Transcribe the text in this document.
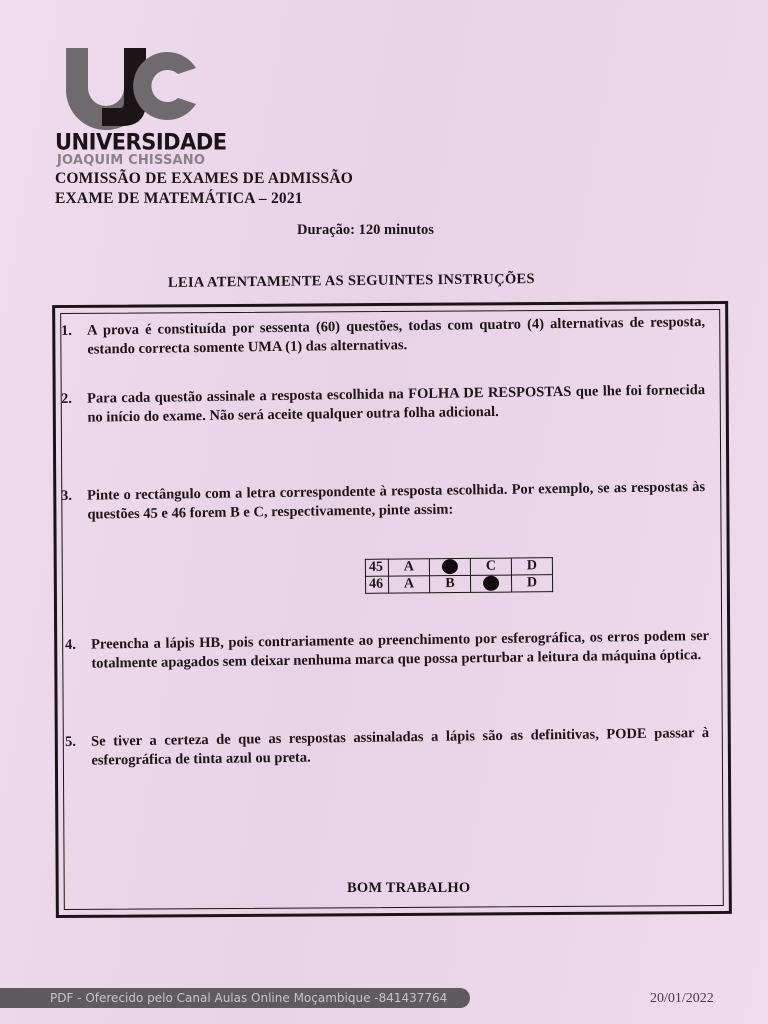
UNIVERSIDADE
JOAQUIM CHISSANO
COMISSÃO DE EXAMES DE ADMISSÃO
EXAME DE MATEMÁTICA – 2021
Duração: 120 minutos
LEIA ATENTAMENTE AS SEGUINTES INSTRUÇÕES
1. A prova é constituída por sessenta (60) questões, todas com quatro (4) alternativas de resposta, estando correcta somente UMA (1) das alternativas.
2. Para cada questão assinale a resposta escolhida na FOLHA DE RESPOSTAS que lhe foi fornecida no início do exame. Não será aceite qualquer outra folha adicional.
3. Pinte o rectângulo com a letra correspondente à resposta escolhida. Por exemplo, se as respostas às questões 45 e 46 forem B e C, respectivamente, pinte assim:
45	A		C	D
46	A	B		D
4. Preencha a lápis HB, pois contrariamente ao preenchimento por esferográfica, os erros podem ser totalmente apagados sem deixar nenhuma marca que possa perturbar a leitura da máquina óptica.
5. Se tiver a certeza de que as respostas assinaladas a lápis são as definitivas, PODE passar à esferográfica de tinta azul ou preta.
BOM TRABALHO
PDF - Oferecido pelo Canal Aulas Online Moçambique -841437764	20/01/2022
